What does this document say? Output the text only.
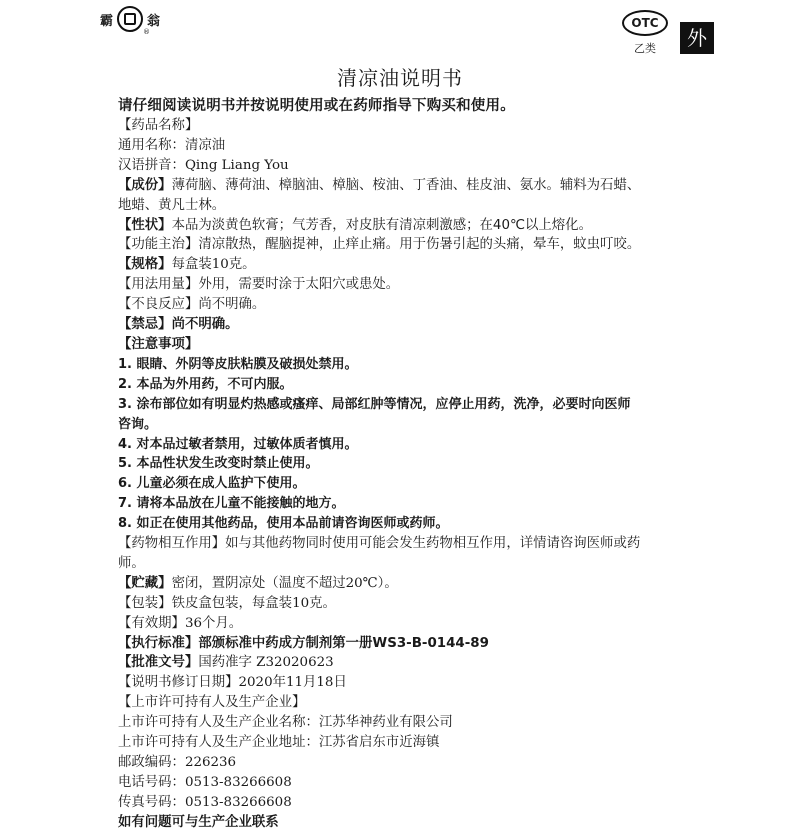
霸	翁
®
OTC
乙类	外
清凉油说明书
请仔细阅读说明书并按说明使用或在药师指导下购买和使用。
【药品名称】
通用名称：清凉油
汉语拼音：Qing Liang You
【成份】薄荷脑、薄荷油、樟脑油、樟脑、桉油、丁香油、桂皮油、氨水。辅料为石蜡、
地蜡、黄凡士林。
【性状】本品为淡黄色软膏；气芳香，对皮肤有清凉刺激感；在40℃以上熔化。
【功能主治】清凉散热，醒脑提神，止痒止痛。用于伤暑引起的头痛，晕车，蚊虫叮咬。
【规格】每盒装10克。
【用法用量】外用，需要时涂于太阳穴或患处。
【不良反应】尚不明确。
【禁忌】尚不明确。
【注意事项】
1. 眼睛、外阴等皮肤粘膜及破损处禁用。
2. 本品为外用药，不可内服。
3. 涂布部位如有明显灼热感或瘙痒、局部红肿等情况，应停止用药，洗净，必要时向医师
咨询。
4. 对本品过敏者禁用，过敏体质者慎用。
5. 本品性状发生改变时禁止使用。
6. 儿童必须在成人监护下使用。
7. 请将本品放在儿童不能接触的地方。
8. 如正在使用其他药品，使用本品前请咨询医师或药师。
【药物相互作用】如与其他药物同时使用可能会发生药物相互作用，详情请咨询医师或药
师。
【贮藏】密闭，置阴凉处（温度不超过20℃）。
【包装】铁皮盒包装，每盒装10克。
【有效期】36个月。
【执行标准】部颁标准中药成方制剂第一册WS3-B-0144-89
【批准文号】国药准字 Z32020623
【说明书修订日期】2020年11月18日
【上市许可持有人及生产企业】
上市许可持有人及生产企业名称：江苏华神药业有限公司
上市许可持有人及生产企业地址：江苏省启东市近海镇
邮政编码：226236
电话号码：0513-83266608
传真号码：0513-83266608
如有问题可与生产企业联系
